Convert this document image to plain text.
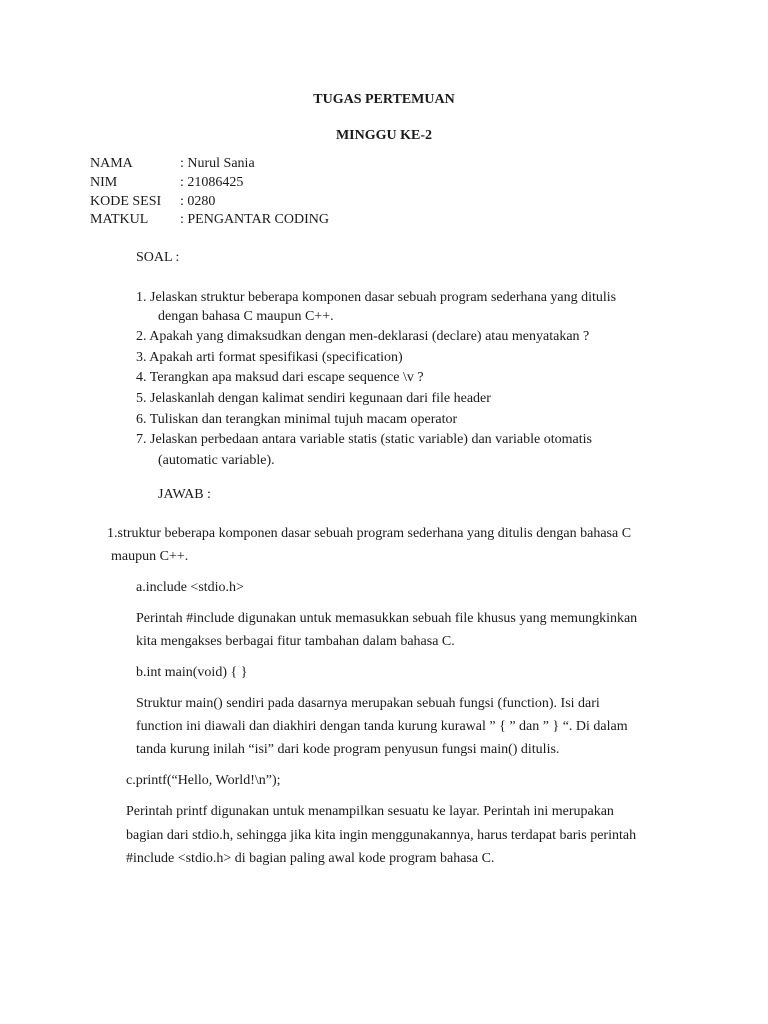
TUGAS PERTEMUAN
MINGGU KE-2
NAMA	: Nurul Sania
NIM	: 21086425
KODE SESI : 0280
MATKUL : PENGANTAR CODING
SOAL :
1. Jelaskan struktur beberapa komponen dasar sebuah program sederhana yang ditulis
dengan bahasa C maupun C++.
2. Apakah yang dimaksudkan dengan men-deklarasi (declare) atau menyatakan ?
3. Apakah arti format spesifikasi (specification)
4. Terangkan apa maksud dari escape sequence \v ?
5. Jelaskanlah dengan kalimat sendiri kegunaan dari file header
6. Tuliskan dan terangkan minimal tujuh macam operator
7. Jelaskan perbedaan antara variable statis (static variable) dan variable otomatis
(automatic variable).
JAWAB :
1.struktur beberapa komponen dasar sebuah program sederhana yang ditulis dengan bahasa C
maupun C++.
a.include <stdio.h>
Perintah #include digunakan untuk memasukkan sebuah file khusus yang memungkinkan
kita mengakses berbagai fitur tambahan dalam bahasa C.
b.int main(void) { }
Struktur main() sendiri pada dasarnya merupakan sebuah fungsi (function). Isi dari
function ini diawali dan diakhiri dengan tanda kurung kurawal ” { ” dan ” } “. Di dalam
tanda kurung inilah “isi” dari kode program penyusun fungsi main() ditulis.
c.printf(“Hello, World!\n”);
Perintah printf digunakan untuk menampilkan sesuatu ke layar. Perintah ini merupakan
bagian dari stdio.h, sehingga jika kita ingin menggunakannya, harus terdapat baris perintah
#include <stdio.h> di bagian paling awal kode program bahasa C.
